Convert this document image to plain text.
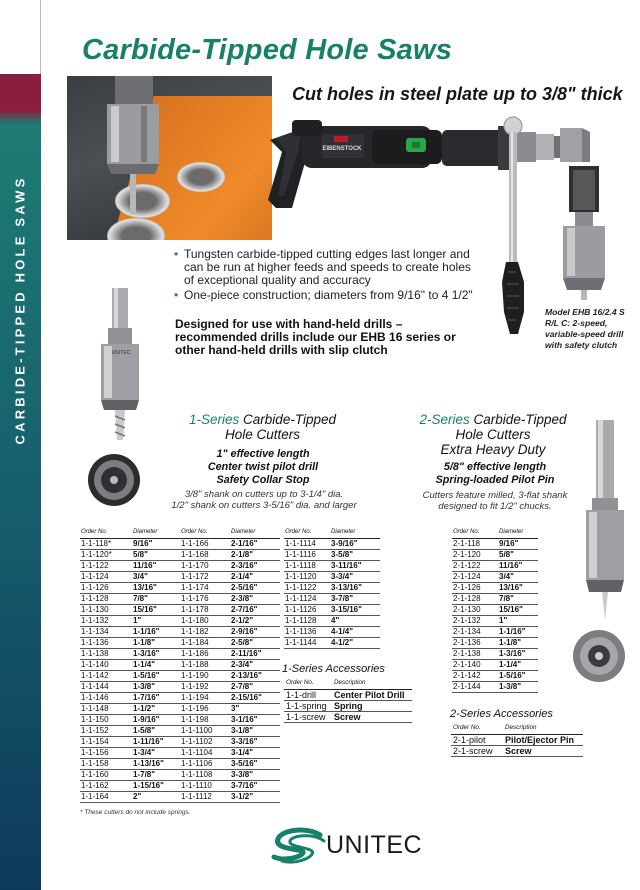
CARBIDE-TIPPED HOLE SAWS
Carbide-Tipped Hole Saws
Cut holes in steel plate up to 3/8" thick
EIBENSTOCK
• Tungsten carbide-tipped cutting edges last longer and can be run at higher feeds and speeds to create holes of exceptional quality and accuracy
• One-piece construction; diameters from 9/16" to 4 1/2"
Designed for use with hand-held drills – recommended drills include our EHB 16 series or other hand-held drills with slip clutch
Model EHB 16/2.4 S R/L C: 2-speed, variable-speed drill with safety clutch
UNITEC
1-Series Carbide-Tipped
Hole Cutters
1" effective length
Center twist pilot drill
Safety Collar Stop
3/8" shank on cutters up to 3-1/4" dia.
1/2" shank on cutters 3-5/16" dia. and larger
2-Series Carbide-Tipped
Hole Cutters
Extra Heavy Duty
5/8" effective length
Spring-loaded Pilot Pin
Cutters feature milled, 3-flat shank
designed to fit 1/2" chucks.
Order No.	Diameter
1-1-118*	9/16"
1-1-120*	5/8"
1-1-122	11/16"
1-1-124	3/4"
1-1-126	13/16"
1-1-128	7/8"
1-1-130	15/16"
1-1-132	1"
1-1-134	1-1/16"
1-1-136	1-1/8"
1-1-138	1-3/16"
1-1-140	1-1/4"
1-1-142	1-5/16"
1-1-144	1-3/8"
1-1-146	1-7/16"
1-1-148	1-1/2"
1-1-150	1-9/16"
1-1-152	1-5/8"
1-1-154	1-11/16"
1-1-156	1-3/4"
1-1-158	1-13/16"
1-1-160	1-7/8"
1-1-162	1-15/16"
1-1-164	2"
Order No.	Diameter
1-1-166	2-1/16"
1-1-168	2-1/8"
1-1-170	2-3/16"
1-1-172	2-1/4"
1-1-174	2-5/16"
1-1-176	2-3/8"
1-1-178	2-7/16"
1-1-180	2-1/2"
1-1-182	2-9/16"
1-1-184	2-5/8"
1-1-186	2-11/16"
1-1-188	2-3/4"
1-1-190	2-13/16"
1-1-192	2-7/8"
1-1-194	2-15/16"
1-1-196	3"
1-1-198	3-1/16"
1-1-1100	3-1/8"
1-1-1102	3-3/16"
1-1-1104	3-1/4"
1-1-1106	3-5/16"
1-1-1108	3-3/8"
1-1-1110	3-7/16"
1-1-1112	3-1/2"
Order No.	Diameter
1-1-1114	3-9/16"
1-1-1116	3-5/8"
1-1-1118	3-11/16"
1-1-1120	3-3/4"
1-1-1122	3-13/16"
1-1-1124	3-7/8"
1-1-1126	3-15/16"
1-1-1128	4"
1-1-1136	4-1/4"
1-1-1144	4-1/2"
Order No.	Diameter
2-1-118	9/16"
2-1-120	5/8"
2-1-122	11/16"
2-1-124	3/4"
2-1-126	13/16"
2-1-128	7/8"
2-1-130	15/16"
2-1-132	1"
2-1-134	1-1/16"
2-1-136	1-1/8"
2-1-138	1-3/16"
2-1-140	1-1/4"
2-1-142	1-5/16"
2-1-144	1-3/8"
1-Series Accessories
Order No.	Description
1-1-drill	Center Pilot Drill
1-1-spring	Spring
1-1-screw	Screw	2-Series Accessories
Order No.	Description
2-1-pilot	Pilot/Ejector Pin
2-1-screw	Screw
* These cutters do not include springs.
UNITEC
